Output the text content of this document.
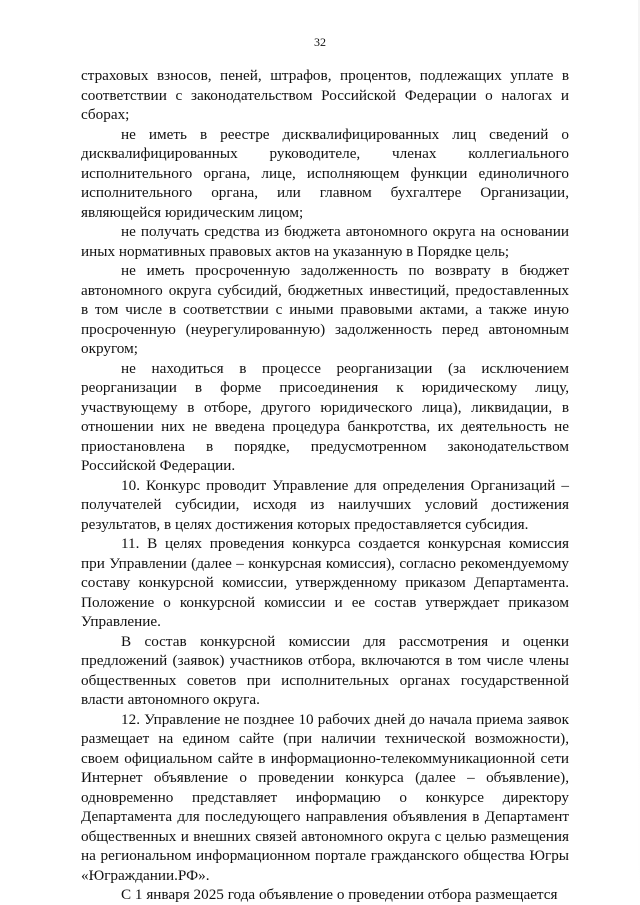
32

страховых взносов, пеней, штрафов, процентов, подлежащих уплате в соответствии с законодательством Российской Федерации о налогах и сборах;

не иметь в реестре дисквалифицированных лиц сведений о дисквалифицированных руководителе, членах коллегиального исполнительного органа, лице, исполняющем функции единоличного исполнительного органа, или главном бухгалтере Организации, являющейся юридическим лицом;

не получать средства из бюджета автономного округа на основании иных нормативных правовых актов на указанную в Порядке цель;

не иметь просроченную задолженность по возврату в бюджет автономного округа субсидий, бюджетных инвестиций, предоставленных в том числе в соответствии с иными правовыми актами, а также иную просроченную (неурегулированную) задолженность перед автономным округом;

не находиться в процессе реорганизации (за исключением реорганизации в форме присоединения к юридическому лицу, участвующему в отборе, другого юридического лица), ликвидации, в отношении них не введена процедура банкротства, их деятельность не приостановлена в порядке, предусмотренном законодательством Российской Федерации.

10. Конкурс проводит Управление для определения Организаций – получателей субсидии, исходя из наилучших условий достижения результатов, в целях достижения которых предоставляется субсидия.

11. В целях проведения конкурса создается конкурсная комиссия при Управлении (далее – конкурсная комиссия), согласно рекомендуемому составу конкурсной комиссии, утвержденному приказом Департамента. Положение о конкурсной комиссии и ее состав утверждает приказом Управление.

В состав конкурсной комиссии для рассмотрения и оценки предложений (заявок) участников отбора, включаются в том числе члены общественных советов при исполнительных органах государственной власти автономного округа.

12. Управление не позднее 10 рабочих дней до начала приема заявок размещает на едином сайте (при наличии технической возможности), своем официальном сайте в информационно-телекоммуникационной сети Интернет объявление о проведении конкурса (далее – объявление), одновременно представляет информацию о конкурсе директору Департамента для последующего направления объявления в Департамент общественных и внешних связей автономного округа с целью размещения на региональном информационном портале гражданского общества Югры «Юграждании.РФ».

С 1 января 2025 года объявление о проведении отбора размещается
